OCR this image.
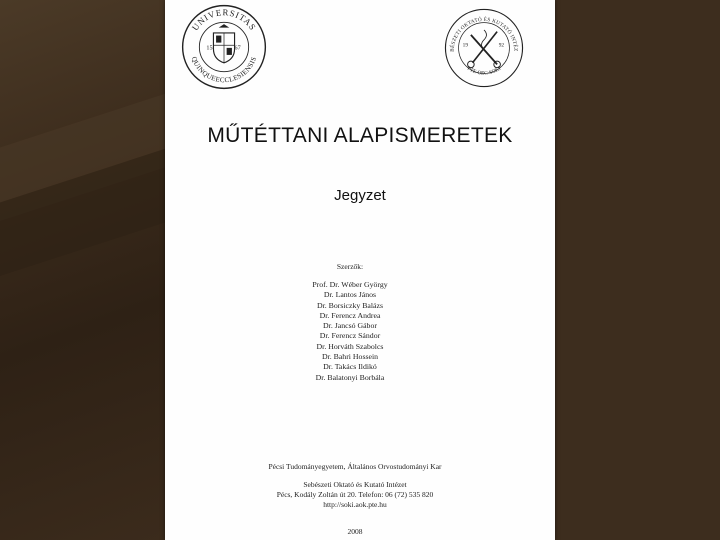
UNIVERSITAS
QUINQUEECCLESIENSIS
15	67	BÉSZETI OKTATÓ ÉS KUTATÓ INTÉZ
PTE-OEC-SOKI
19	92
MŰTÉTTANI ALAPISMERETEK
Jegyzet
Szerzők:
Prof. Dr. Wéber György
Dr. Lantos János
Dr. Borsiczky Balázs
Dr. Ferencz Andrea
Dr. Jancsó Gábor
Dr. Ferencz Sándor
Dr. Horváth Szabolcs
Dr. Bahri Hossein
Dr. Takács Ildikó
Dr. Balatonyi Borbála
Pécsi Tudományegyetem, Általános Orvostudományi Kar
Sebészeti Oktató és Kutató Intézet
Pécs, Kodály Zoltán út 20. Telefon: 06 (72) 535 820
http://soki.aok.pte.hu
2008
